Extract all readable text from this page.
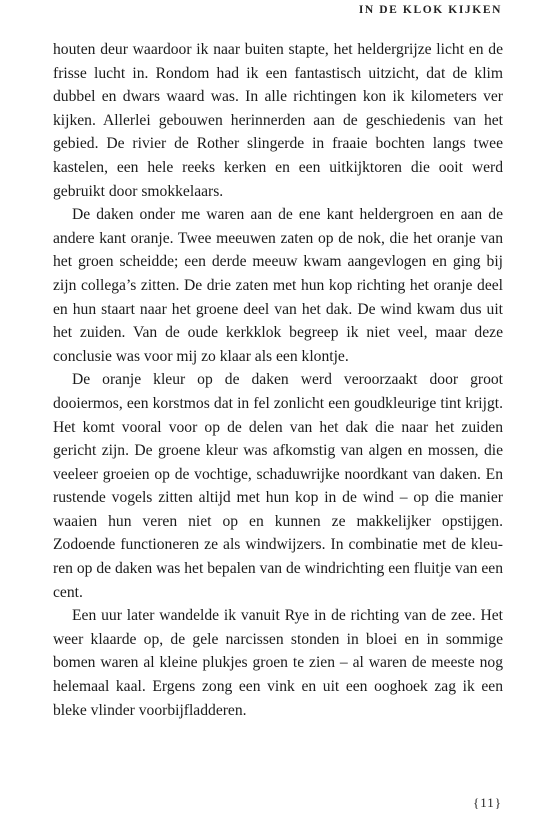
IN DE KLOK KIJKEN

houten deur waardoor ik naar buiten stapte, het heldergrijze licht en de frisse lucht in. Rondom had ik een fantastisch uitzicht, dat de klim dubbel en dwars waard was. In alle richtingen kon ik kilometers ver kijken. Allerlei gebouwen herinnerden aan de geschiedenis van het gebied. De rivier de Rother slingerde in fraaie bochten langs twee kastelen, een hele reeks kerken en een uitkijktoren die ooit werd gebruikt door smokkelaars.

De daken onder me waren aan de ene kant heldergroen en aan de andere kant oranje. Twee meeuwen zaten op de nok, die het oranje van het groen scheidde; een derde meeuw kwam aangevlogen en ging bij zijn collega’s zitten. De drie zaten met hun kop richting het oranje deel en hun staart naar het groene deel van het dak. De wind kwam dus uit het zuiden. Van de oude kerkklok begreep ik niet veel, maar deze conclusie was voor mij zo klaar als een klontje.

De oranje kleur op de daken werd veroorzaakt door groot dooiermos, een korstmos dat in fel zonlicht een goudkleurige tint krijgt. Het komt vooral voor op de delen van het dak die naar het zuiden gericht zijn. De groene kleur was afkomstig van algen en mossen, die veeleer groeien op de vochtige, schaduwrijke noordkant van daken. En rustende vogels zitten altijd met hun kop in de wind – op die manier waaien hun veren niet op en kunnen ze makkelijker opstijgen. Zodoende functioneren ze als windwijzers. In combinatie met de kleuren op de daken was het bepalen van de windrichting een fluitje van een cent.

Een uur later wandelde ik vanuit Rye in de richting van de zee. Het weer klaarde op, de gele narcissen stonden in bloei en in sommige bomen waren al kleine plukjes groen te zien – al waren de meeste nog helemaal kaal. Ergens zong een vink en uit een ooghoek zag ik een bleke vlinder voorbijfladderen.

{11}
